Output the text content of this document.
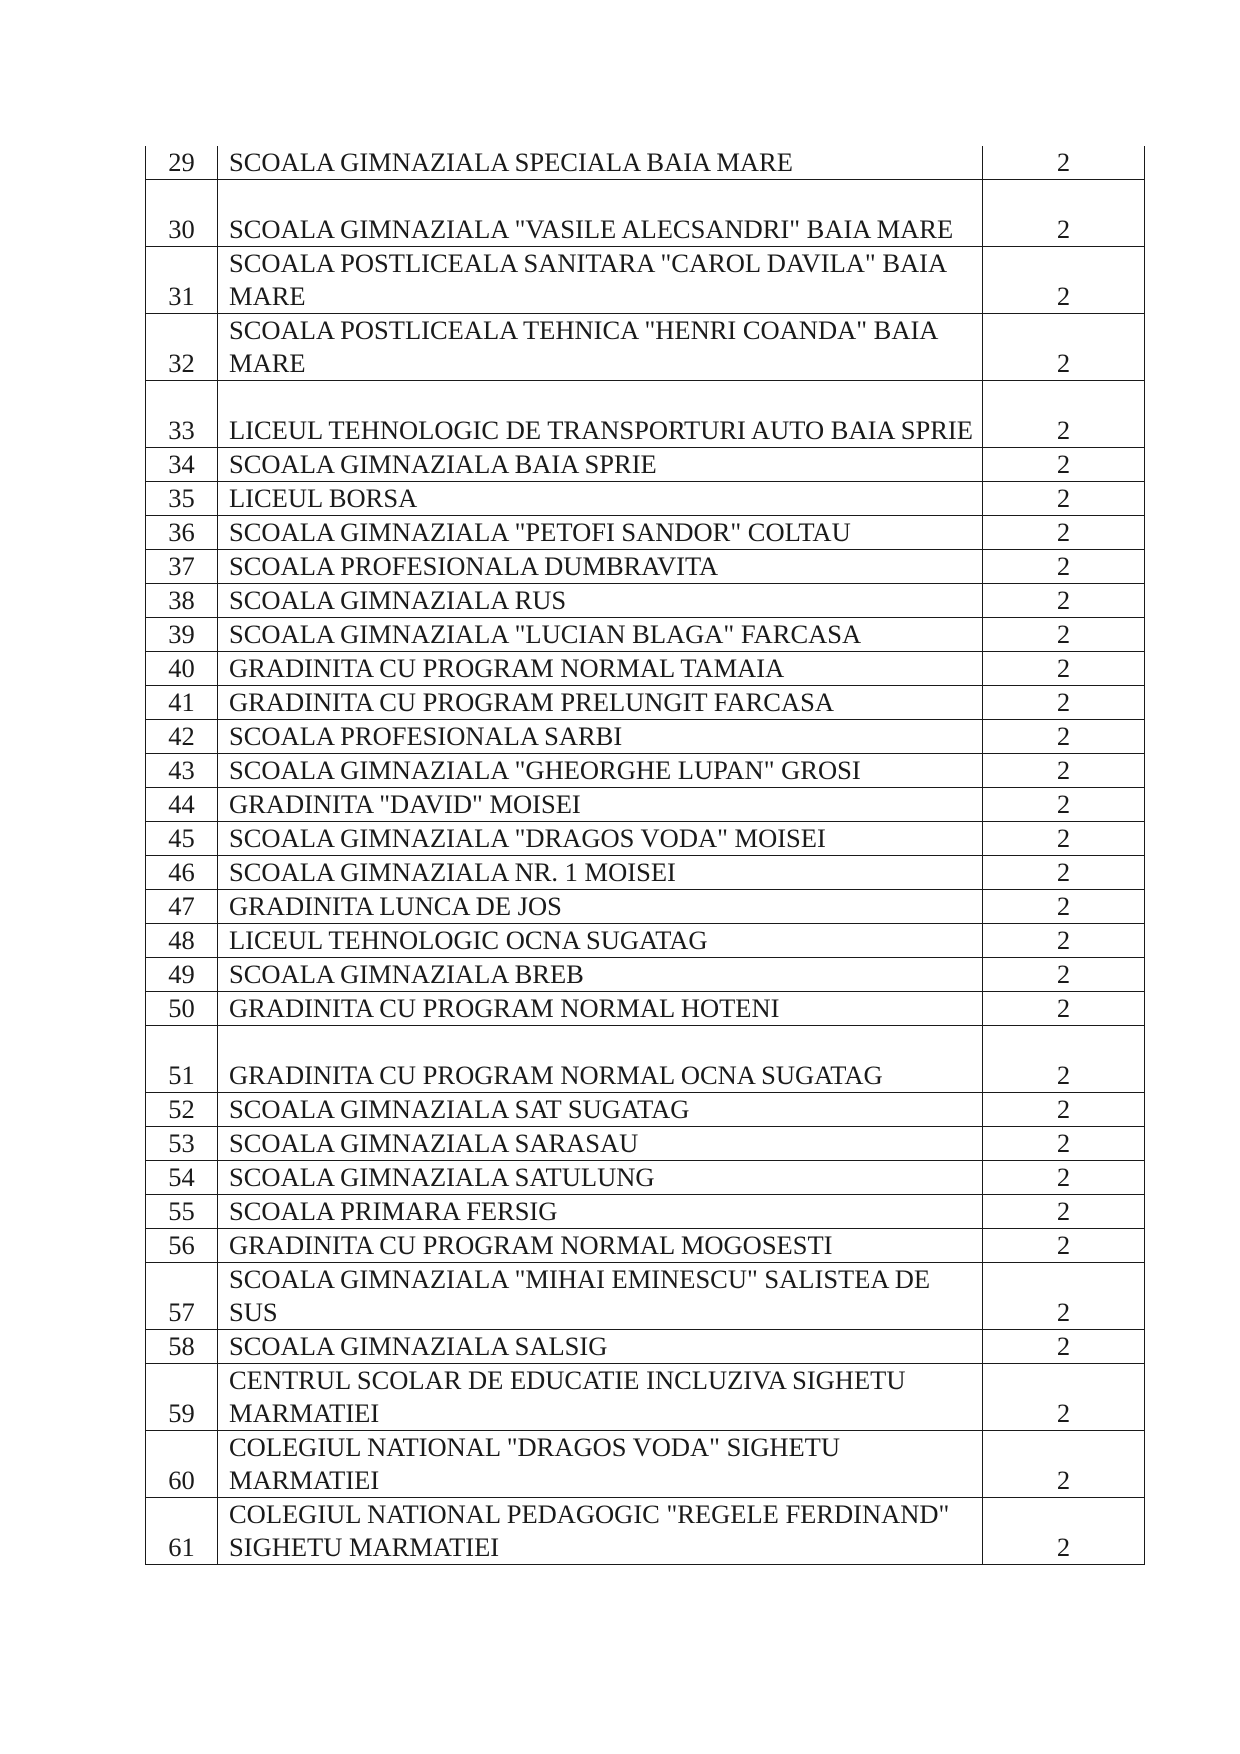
29	SCOALA GIMNAZIALA SPECIALA BAIA MARE	2
30	SCOALA GIMNAZIALA "VASILE ALECSANDRI" BAIA MARE	2
31	SCOALA POSTLICEALA SANITARA "CAROL DAVILA" BAIA MARE	2
32	SCOALA POSTLICEALA TEHNICA "HENRI COANDA" BAIA MARE	2
33	LICEUL TEHNOLOGIC DE TRANSPORTURI AUTO BAIA SPRIE	2
34	SCOALA GIMNAZIALA BAIA SPRIE	2
35	LICEUL BORSA	2
36	SCOALA GIMNAZIALA "PETOFI SANDOR" COLTAU	2
37	SCOALA PROFESIONALA DUMBRAVITA	2
38	SCOALA GIMNAZIALA RUS	2
39	SCOALA GIMNAZIALA "LUCIAN BLAGA" FARCASA	2
40	GRADINITA CU PROGRAM NORMAL TAMAIA	2
41	GRADINITA CU PROGRAM PRELUNGIT FARCASA	2
42	SCOALA PROFESIONALA SARBI	2
43	SCOALA GIMNAZIALA "GHEORGHE LUPAN" GROSI	2
44	GRADINITA "DAVID" MOISEI	2
45	SCOALA GIMNAZIALA "DRAGOS VODA" MOISEI	2
46	SCOALA GIMNAZIALA NR. 1 MOISEI	2
47	GRADINITA LUNCA DE JOS	2
48	LICEUL TEHNOLOGIC OCNA SUGATAG	2
49	SCOALA GIMNAZIALA BREB	2
50	GRADINITA CU PROGRAM NORMAL HOTENI	2
51	GRADINITA CU PROGRAM NORMAL OCNA SUGATAG	2
52	SCOALA GIMNAZIALA SAT SUGATAG	2
53	SCOALA GIMNAZIALA SARASAU	2
54	SCOALA GIMNAZIALA SATULUNG	2
55	SCOALA PRIMARA FERSIG	2
56	GRADINITA CU PROGRAM NORMAL MOGOSESTI	2
57	SCOALA GIMNAZIALA "MIHAI EMINESCU" SALISTEA DE SUS	2
58	SCOALA GIMNAZIALA SALSIG	2
59	CENTRUL SCOLAR DE EDUCATIE INCLUZIVA SIGHETU MARMATIEI	2
60	COLEGIUL NATIONAL "DRAGOS VODA" SIGHETU MARMATIEI	2
61	COLEGIUL NATIONAL PEDAGOGIC "REGELE FERDINAND" SIGHETU MARMATIEI	2
